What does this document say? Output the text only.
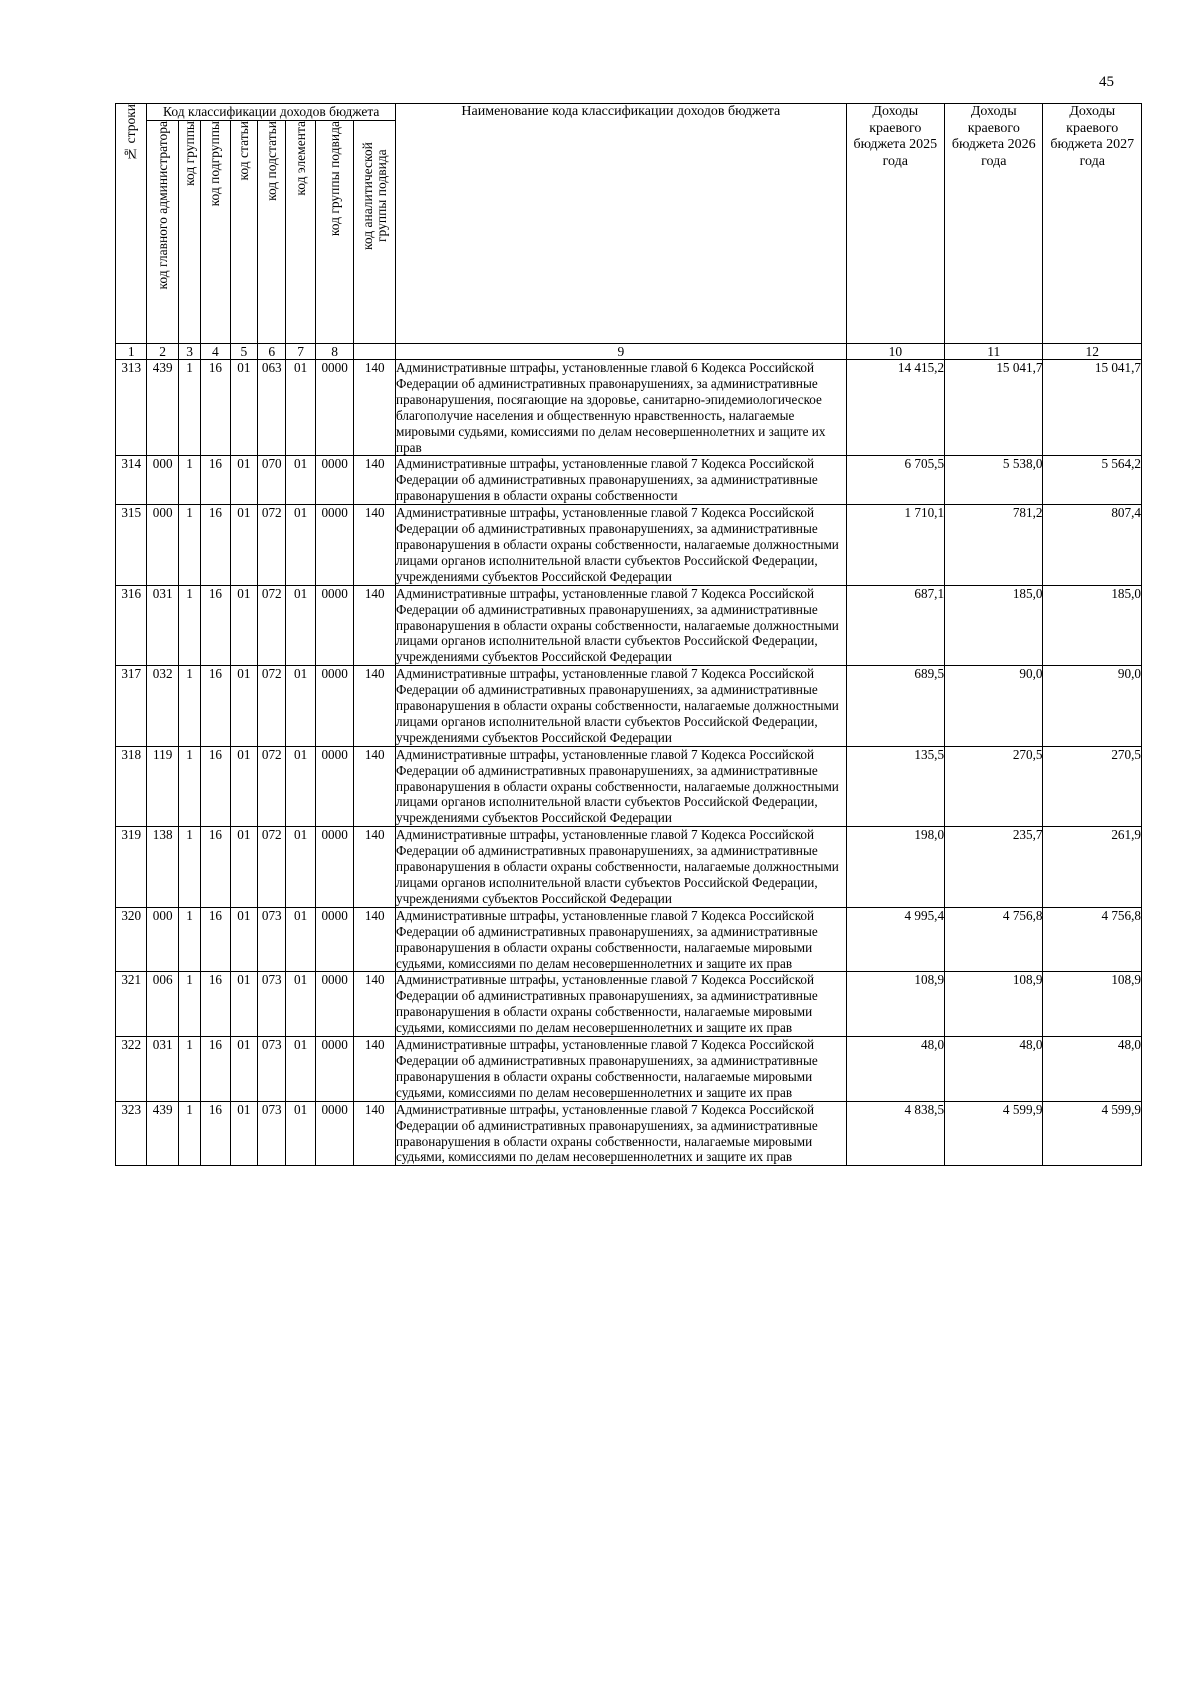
45
№ строки	Код классификации доходов бюджета								Наименование кода классификации доходов бюджета	Доходы краевого бюджета 2025 года	Доходы краевого бюджета 2026 года	Доходы краевого бюджета 2027 года
	код главного администратора	код группы	код подгруппы	код статьи	код подстатьи	код элемента	код группы подвида	код аналитической группы подвида				
1	2	3	4	5	6	7	8		9	10	11	12
313	439	1	16	01	063	01	0000	140	Административные штрафы, установленные главой 6 Кодекса Российской Федерации об административных правонарушениях, за административные правонарушения, посягающие на здоровье, санитарно-эпидемиологическое благополучие населения и общественную нравственность, налагаемые мировыми судьями, комиссиями по делам несовершеннолетних и защите их прав	14 415,2	15 041,7	15 041,7
314	000	1	16	01	070	01	0000	140	Административные штрафы, установленные главой 7 Кодекса Российской Федерации об административных правонарушениях, за административные правонарушения в области охраны собственности	6 705,5	5 538,0	5 564,2
315	000	1	16	01	072	01	0000	140	Административные штрафы, установленные главой 7 Кодекса Российской Федерации об административных правонарушениях, за административные правонарушения в области охраны собственности, налагаемые должностными лицами органов исполнительной власти субъектов Российской Федерации, учреждениями субъектов Российской Федерации	1 710,1	781,2	807,4
316	031	1	16	01	072	01	0000	140	Административные штрафы, установленные главой 7 Кодекса Российской Федерации об административных правонарушениях, за административные правонарушения в области охраны собственности, налагаемые должностными лицами органов исполнительной власти субъектов Российской Федерации, учреждениями субъектов Российской Федерации	687,1	185,0	185,0
317	032	1	16	01	072	01	0000	140	Административные штрафы, установленные главой 7 Кодекса Российской Федерации об административных правонарушениях, за административные правонарушения в области охраны собственности, налагаемые должностными лицами органов исполнительной власти субъектов Российской Федерации, учреждениями субъектов Российской Федерации	689,5	90,0	90,0
318	119	1	16	01	072	01	0000	140	Административные штрафы, установленные главой 7 Кодекса Российской Федерации об административных правонарушениях, за административные правонарушения в области охраны собственности, налагаемые должностными лицами органов исполнительной власти субъектов Российской Федерации, учреждениями субъектов Российской Федерации	135,5	270,5	270,5
319	138	1	16	01	072	01	0000	140	Административные штрафы, установленные главой 7 Кодекса Российской Федерации об административных правонарушениях, за административные правонарушения в области охраны собственности, налагаемые должностными лицами органов исполнительной власти субъектов Российской Федерации, учреждениями субъектов Российской Федерации	198,0	235,7	261,9
320	000	1	16	01	073	01	0000	140	Административные штрафы, установленные главой 7 Кодекса Российской Федерации об административных правонарушениях, за административные правонарушения в области охраны собственности, налагаемые мировыми судьями, комиссиями по делам несовершеннолетних и защите их прав	4 995,4	4 756,8	4 756,8
321	006	1	16	01	073	01	0000	140	Административные штрафы, установленные главой 7 Кодекса Российской Федерации об административных правонарушениях, за административные правонарушения в области охраны собственности, налагаемые мировыми судьями, комиссиями по делам несовершеннолетних и защите их прав	108,9	108,9	108,9
322	031	1	16	01	073	01	0000	140	Административные штрафы, установленные главой 7 Кодекса Российской Федерации об административных правонарушениях, за административные правонарушения в области охраны собственности, налагаемые мировыми судьями, комиссиями по делам несовершеннолетних и защите их прав	48,0	48,0	48,0
323	439	1	16	01	073	01	0000	140	Административные штрафы, установленные главой 7 Кодекса Российской Федерации об административных правонарушениях, за административные правонарушения в области охраны собственности, налагаемые мировыми судьями, комиссиями по делам несовершеннолетних и защите их прав	4 838,5	4 599,9	4 599,9
